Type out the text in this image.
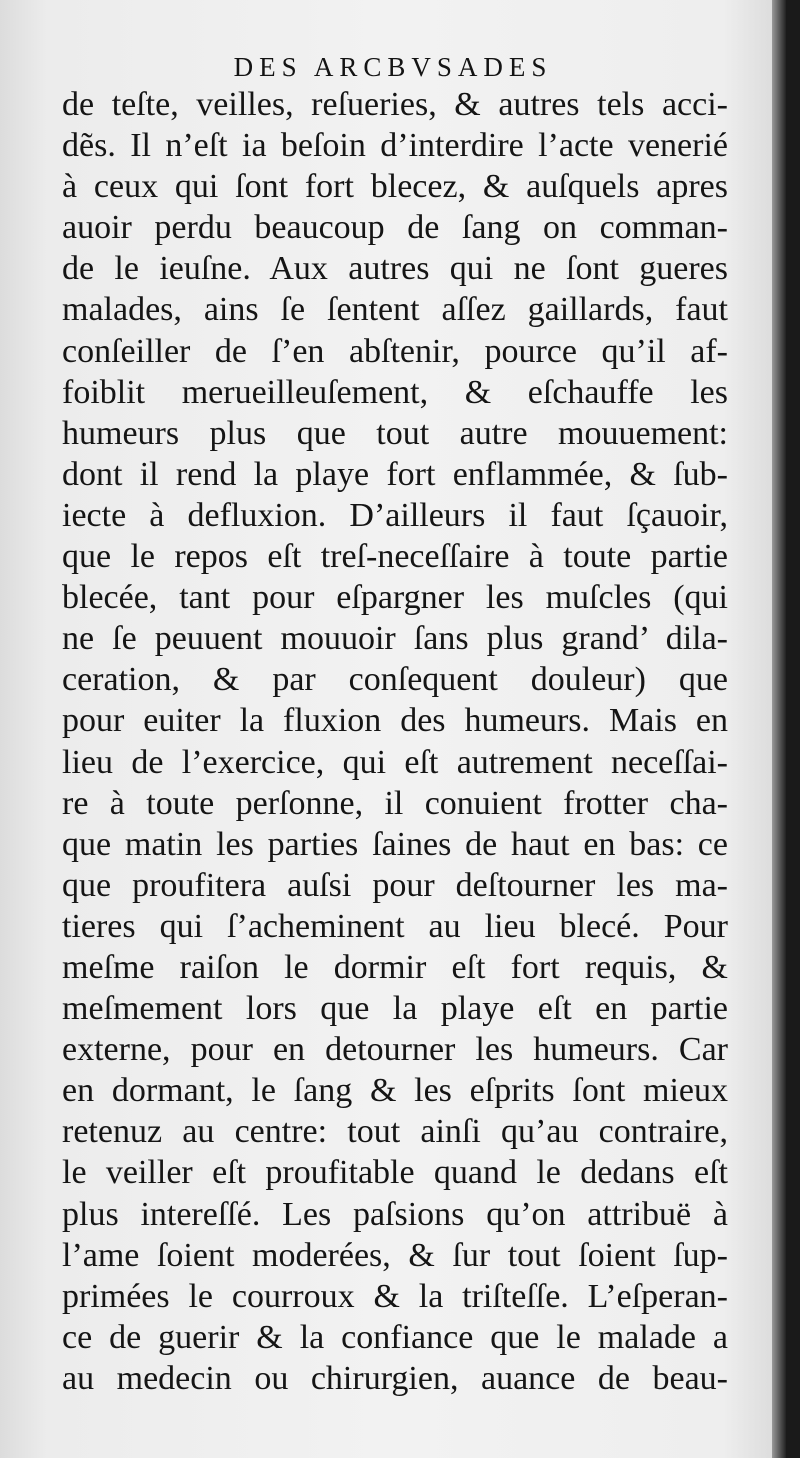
DES ARCBVSADES
de teſte, veilles, reſueries, & autres tels acci-
dẽs. Il n’eſt ia beſoin d’interdire l’acte venerié
à ceux qui ſont fort blecez, & auſquels apres
auoir perdu beaucoup de ſang on comman-
de le ieuſne. Aux autres qui ne ſont gueres
malades, ains ſe ſentent aſſez gaillards, faut
conſeiller de ſ’en abſtenir, pource qu’il af-
foiblit merueilleuſement, & eſchauffe les
humeurs plus que tout autre mouuement:
dont il rend la playe fort enflammée, & ſub-
iecte à defluxion. D’ailleurs il faut ſçauoir,
que le repos eſt treſ-neceſſaire à toute partie
blecée, tant pour eſpargner les muſcles (qui
ne ſe peuuent mouuoir ſans plus grand’ dila-
ceration, & par conſequent douleur) que
pour euiter la fluxion des humeurs. Mais en
lieu de l’exercice, qui eſt autrement neceſſai-
re à toute perſonne, il conuient frotter cha-
que matin les parties ſaines de haut en bas: ce
que proufitera auſsi pour deſtourner les ma-
tieres qui ſ’acheminent au lieu blecé. Pour
meſme raiſon le dormir eſt fort requis, &
meſmement lors que la playe eſt en partie
externe, pour en detourner les humeurs. Car
en dormant, le ſang & les eſprits ſont mieux
retenuz au centre: tout ainſi qu’au contraire,
le veiller eſt proufitable quand le dedans eſt
plus intereſſé. Les paſsions qu’on attribuë à
l’ame ſoient moderées, & ſur tout ſoient ſup-
primées le courroux & la triſteſſe. L’eſperan-
ce de guerir & la confiance que le malade a
au medecin ou chirurgien, auance de beau-
